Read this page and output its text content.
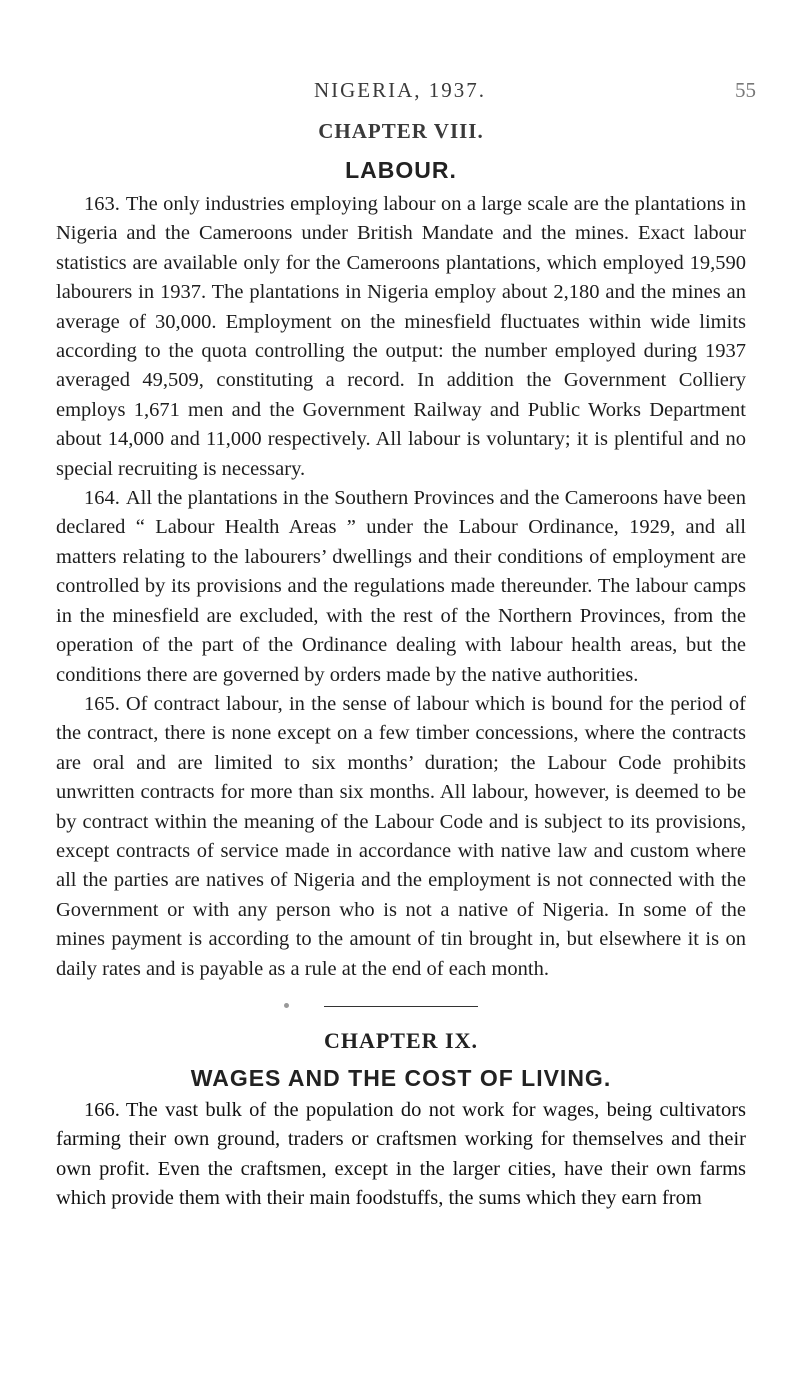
NIGERIA, 1937.	55
CHAPTER VIII.
LABOUR.

163. The only industries employing labour on a large scale are the plantations in Nigeria and the Cameroons under British Mandate and the mines. Exact labour statistics are available only for the Cameroons plantations, which employed 19,590 labourers in 1937. The plantations in Nigeria employ about 2,180 and the mines an average of 30,000. Employment on the minesfield fluctuates within wide limits according to the quota controlling the output: the number employed during 1937 averaged 49,509, constituting a record. In addition the Government Colliery employs 1,671 men and the Government Railway and Public Works Department about 14,000 and 11,000 respectively. All labour is voluntary; it is plentiful and no special recruiting is necessary.

164. All the plantations in the Southern Provinces and the Cameroons have been declared “ Labour Health Areas ” under the Labour Ordinance, 1929, and all matters relating to the labourers’ dwellings and their conditions of employment are controlled by its provisions and the regulations made thereunder. The labour camps in the minesfield are excluded, with the rest of the Northern Provinces, from the operation of the part of the Ordinance dealing with labour health areas, but the conditions there are governed by orders made by the native authorities.

165. Of contract labour, in the sense of labour which is bound for the period of the contract, there is none except on a few timber concessions, where the contracts are oral and are limited to six months’ duration; the Labour Code prohibits unwritten contracts for more than six months. All labour, however, is deemed to be by contract within the meaning of the Labour Code and is subject to its provisions, except contracts of service made in accordance with native law and custom where all the parties are natives of Nigeria and the employment is not connected with the Government or with any person who is not a native of Nigeria. In some of the mines payment is according to the amount of tin brought in, but elsewhere it is on daily rates and is payable as a rule at the end of each month.

CHAPTER IX.
WAGES AND THE COST OF LIVING.

166. The vast bulk of the population do not work for wages, being cultivators farming their own ground, traders or craftsmen working for themselves and their own profit. Even the craftsmen, except in the larger cities, have their own farms which provide them with their main foodstuffs, the sums which they earn from
